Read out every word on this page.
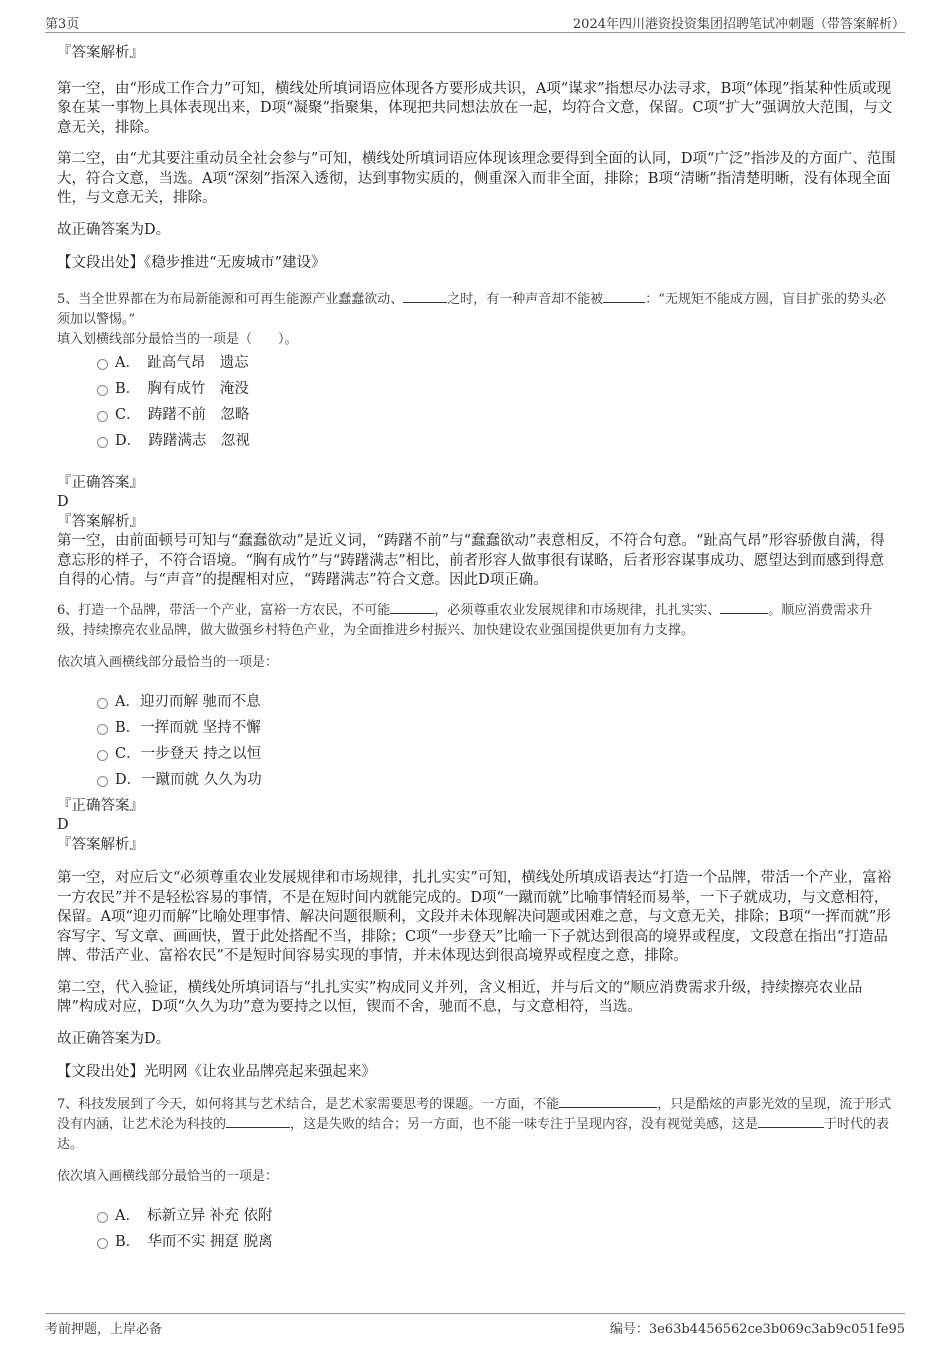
第3页	2024年四川港资投资集团招聘笔试冲刺题（带答案解析）

『答案解析』

第一空，由“形成工作合力”可知，横线处所填词语应体现各方要形成共识，A项“谋求”指想尽办法寻求，B项“体现”指某种性质或现象在某一事物上具体表现出来，D项“凝聚”指聚集，体现把共同想法放在一起，均符合文意，保留。C项“扩大”强调放大范围，与文意无关，排除。

第二空，由“尤其要注重动员全社会参与”可知，横线处所填词语应体现该理念要得到全面的认同，D项“广泛”指涉及的方面广、范围大，符合文意，当选。A项“深刻”指深入透彻，达到事物实质的，侧重深入而非全面，排除；B项“清晰”指清楚明晰，没有体现全面性，与文意无关，排除。

故正确答案为D。

【文段出处】《稳步推进“无废城市”建设》

5、当全世界都在为布局新能源和可再生能源产业蠢蠢欲动、	之时，有一种声音却不能被	：“无规矩不能成方圆，盲目扩张的势头必须加以警惕。”

填入划横线部分最恰当的一项是（　　）。

A．　趾高气昂　遗忘
B．　胸有成竹　淹没
C．　踌躇不前　忽略
D．　踌躇满志　忽视

『正确答案』

D

『答案解析』

第一空，由前面顿号可知与“蠢蠢欲动”是近义词，“踌躇不前”与“蠢蠢欲动”表意相反，不符合句意。“趾高气昂”形容骄傲自满，得意忘形的样子，不符合语境。“胸有成竹”与“踌躇满志”相比，前者形容人做事很有谋略，后者形容谋事成功、愿望达到而感到得意自得的心情。与“声音”的提醒相对应，“踌躇满志”符合文意。因此D项正确。

6、打造一个品牌，带活一个产业，富裕一方农民，不可能	，必须尊重农业发展规律和市场规律，扎扎实实、	。顺应消费需求升级，持续擦亮农业品牌，做大做强乡村特色产业，为全面推进乡村振兴、加快建设农业强国提供更加有力支撑。

依次填入画横线部分最恰当的一项是：

A．迎刃而解 驰而不息
B．一挥而就 坚持不懈
C．一步登天 持之以恒
D．一蹴而就 久久为功

『正确答案』

D

『答案解析』

第一空，对应后文“必须尊重农业发展规律和市场规律，扎扎实实”可知，横线处所填成语表达“打造一个品牌，带活一个产业，富裕一方农民”并不是轻松容易的事情，不是在短时间内就能完成的。D项“一蹴而就”比喻事情轻而易举，一下子就成功，与文意相符，保留。A项“迎刃而解”比喻处理事情、解决问题很顺利，文段并未体现解决问题或困难之意，与文意无关，排除；B项“一挥而就”形容写字、写文章、画画快，置于此处搭配不当，排除；C项“一步登天”比喻一下子就达到很高的境界或程度，文段意在指出“打造品牌、带活产业、富裕农民”不是短时间容易实现的事情，并未体现达到很高境界或程度之意，排除。

第二空，代入验证，横线处所填词语与“扎扎实实”构成同义并列，含义相近，并与后文的“顺应消费需求升级，持续擦亮农业品牌”构成对应，D项“久久为功”意为要持之以恒，锲而不舍，驰而不息，与文意相符，当选。

故正确答案为D。

【文段出处】光明网《让农业品牌亮起来强起来》

7、科技发展到了今天，如何将其与艺术结合，是艺术家需要思考的课题。一方面，不能	，只是酷炫的声影光效的呈现，流于形式没有内涵，让艺术沦为科技的	，这是失败的结合；另一方面，也不能一味专注于呈现内容，没有视觉美感，这是	于时代的表达。

依次填入画横线部分最恰当的一项是：

A．　标新立异 补充 依附
B．　华而不实 拥趸 脱离
考前押题，上岸必备	编号：3e63b4456562ce3b069c3ab9c051fe95
